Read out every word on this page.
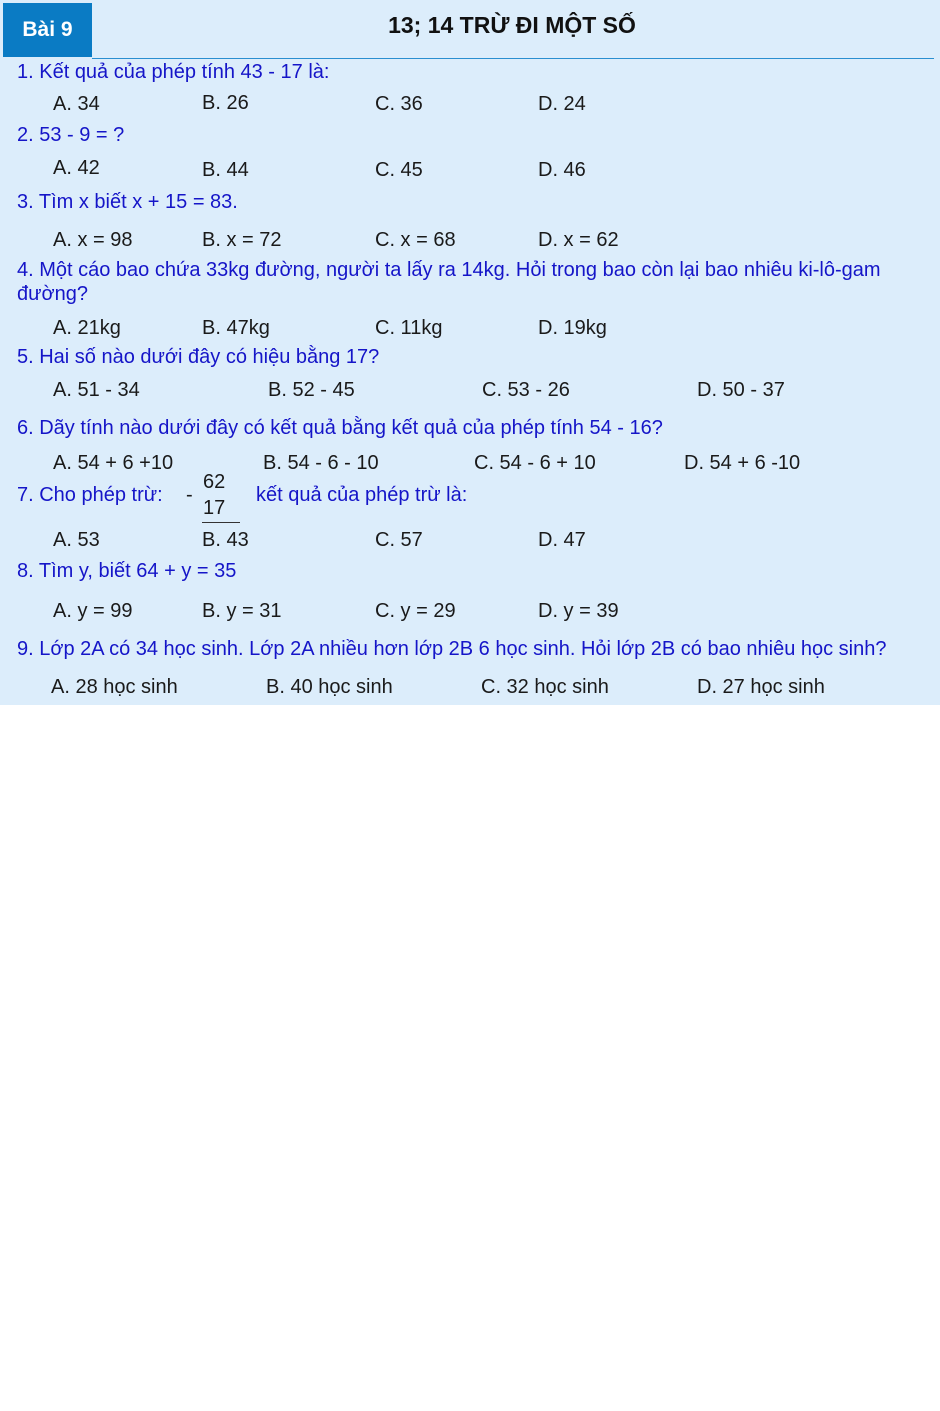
Bài 9	13; 14 TRỪ ĐI MỘT SỐ
1. Kết quả của phép tính 43 - 17 là:
A. 34	B. 26	C. 36	D. 24
2. 53 - 9 = ?
A. 42	B. 44	C. 45	D. 46
3. Tìm x biết x + 15 = 83.
A. x = 98	B. x = 72	C. x = 68	D. x = 62
4. Một cáo bao chứa 33kg đường, người ta lấy ra 14kg. Hỏi trong bao còn lại bao nhiêu ki-lô-gam đường?
A. 21kg	B. 47kg	C. 11kg	D. 19kg
5. Hai số nào dưới đây có hiệu bằng 17?
A. 51 - 34	B. 52 - 45	C. 53 - 26	D. 50 - 37
6. Dãy tính nào dưới đây có kết quả bằng kết quả của phép tính 54 - 16?
A. 54 + 6 +10	B. 54 - 6 - 10	C. 54 - 6 + 10	D. 54 + 6 -10
7. Cho phép trừ: -
62
17
kết quả của phép trừ là:
A. 53	B. 43	C. 57	D. 47
8. Tìm y, biết 64 + y = 35
A. y = 99	B. y = 31	C. y = 29	D. y = 39
9. Lớp 2A có 34 học sinh. Lớp 2A nhiều hơn lớp 2B 6 học sinh. Hỏi lớp 2B có bao nhiêu học sinh?
A. 28 học sinh	B. 40 học sinh	C. 32 học sinh	D. 27 học sinh
